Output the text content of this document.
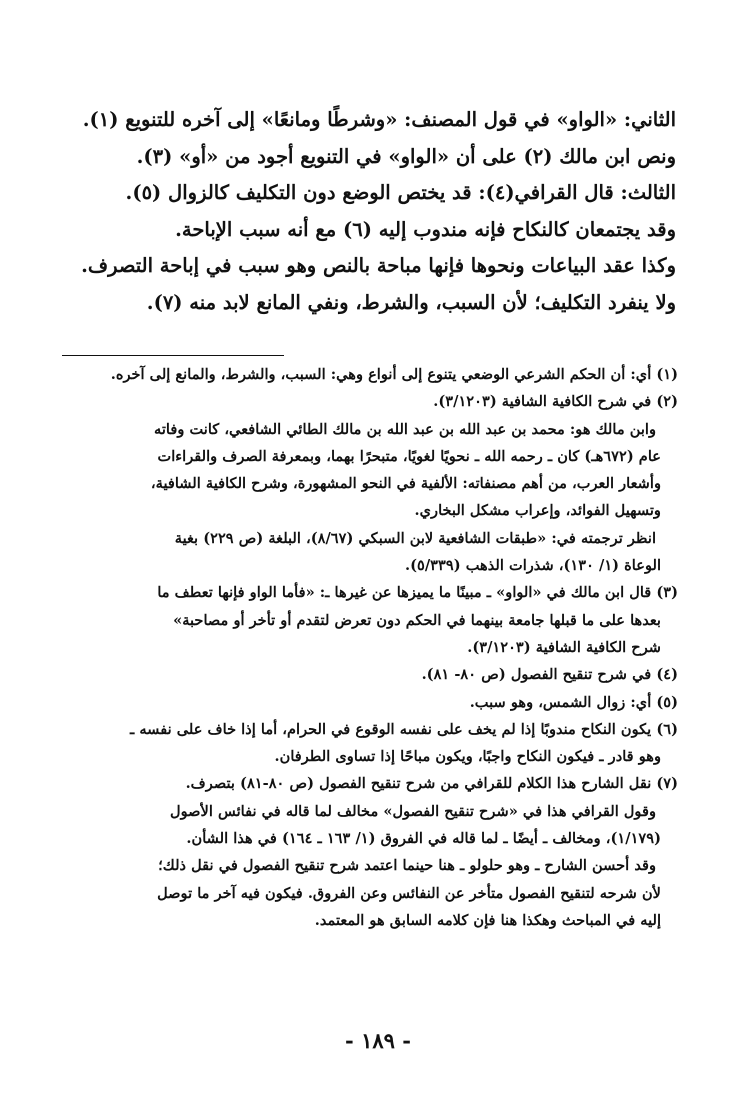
الثاني: «الواو» في قول المصنف: «وشرطًا ومانعًا» إلى آخره للتنويع (١).

ونص ابن مالك (٢) على أن «الواو» في التنويع أجود من «أو» (٣).

الثالث: قال القرافي(٤): قد يختص الوضع دون التكليف كالزوال (٥).

وقد يجتمعان كالنكاح فإنه مندوب إليه (٦) مع أنه سبب الإباحة.

وكذا عقد البياعات ونحوها فإنها مباحة بالنص وهو سبب في إباحة التصرف.

ولا ينفرد التكليف؛ لأن السبب، والشرط، ونفي المانع لابد منه (٧).

(١) أي: أن الحكم الشرعي الوضعي يتنوع إلى أنواع وهي: السبب، والشرط، والمانع إلى آخره.
(٢) في شرح الكافية الشافية (٣/١٢٠٣).
وابن مالك هو: محمد بن عبد الله بن عبد الله بن مالك الطائي الشافعي، كانت وفاته
عام (٦٧٢هـ) كان ـ رحمه الله ـ نحويًا لغويًا، متبحرًا بهما، وبمعرفة الصرف والقراءات
وأشعار العرب، من أهم مصنفاته: الألفية في النحو المشهورة، وشرح الكافية الشافية،
وتسهيل الفوائد، وإعراب مشكل البخاري.
انظر ترجمته في: «طبقات الشافعية لابن السبكي (٨/٦٧)، البلغة (ص ٢٢٩) بغية
الوعاة (١/ ١٣٠)، شذرات الذهب (٥/٣٣٩).
(٣) قال ابن مالك في «الواو» ـ مبينًا ما يميزها عن غيرها ـ: «فأما الواو فإنها تعطف ما
بعدها على ما قبلها جامعة بينهما في الحكم دون تعرض لتقدم أو تأخر أو مصاحبة»
شرح الكافية الشافية (٣/١٢٠٣).
(٤) في شرح تنقيح الفصول (ص ٨٠- ٨١).
(٥) أي: زوال الشمس، وهو سبب.
(٦) يكون النكاح مندوبًا إذا لم يخف على نفسه الوقوع في الحرام، أما إذا خاف على نفسه ـ
وهو قادر ـ فيكون النكاح واجبًا، ويكون مباحًا إذا تساوى الطرفان.
(٧) نقل الشارح هذا الكلام للقرافي من شرح تنقيح الفصول (ص ٨٠-٨١) بتصرف.
وقول القرافي هذا في «شرح تنقيح الفصول» مخالف لما قاله في نفائس الأصول
(١/١٧٩)، ومخالف ـ أيضًا ـ لما قاله في الفروق (١/ ١٦٣ ـ ١٦٤) في هذا الشأن.
وقد أحسن الشارح ـ وهو حلولو ـ هنا حينما اعتمد شرح تنقيح الفصول في نقل ذلك؛
لأن شرحه لتنقيح الفصول متأخر عن النفائس وعن الفروق. فيكون فيه آخر ما توصل
إليه في المباحث وهكذا هنا فإن كلامه السابق هو المعتمد.
- ١٨٩ -
